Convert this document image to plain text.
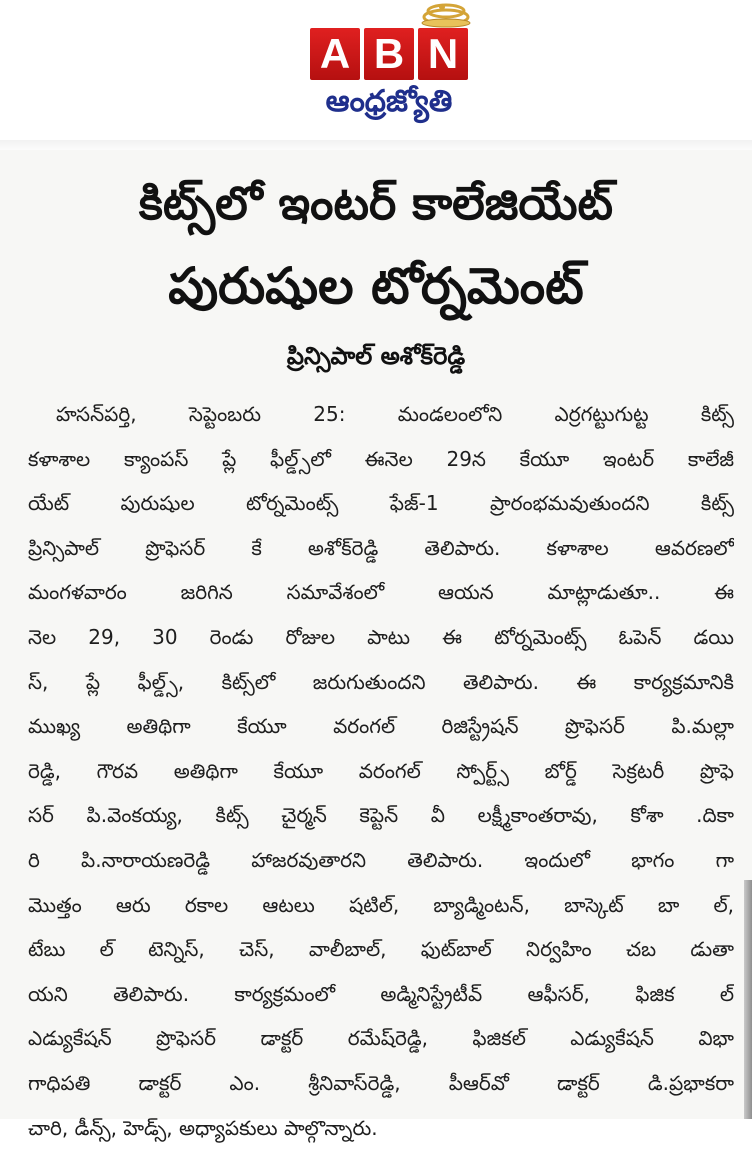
A B N
ఆంధ్రజ్యోతి
కిట్స్‌లో ఇంటర్ కాలేజియేట్
పురుషుల టోర్నమెంట్
ప్రిన్సిపాల్ అశోక్‌రెడ్డి
హసన్‌పర్తి, సెప్టెంబరు 25: మండలంలోని ఎర్రగట్టుగుట్ట కిట్స్
కళాశాల క్యాంపస్ ప్లే ఫీల్డ్స్‌లో ఈనెల 29న కేయూ ఇంటర్ కాలేజీ
యేట్ పురుషుల టోర్నమెంట్స్ ఫేజ్-1 ప్రారంభమవుతుందని కిట్స్
ప్రిన్సిపాల్ ప్రొఫెసర్ కే అశోక్‌రెడ్డి తెలిపారు. కళాశాల ఆవరణలో
మంగళవారం జరిగిన సమావేశంలో ఆయన మాట్లాడుతూ.. ఈ
నెల 29, 30 రెండు రోజుల పాటు ఈ టోర్నమెంట్స్ ఓపెన్ డయి
స్, ప్లే ఫీల్డ్స్, కిట్స్‌లో జరుగుతుందని తెలిపారు. ఈ కార్యక్రమానికి
ముఖ్య అతిథిగా కేయూ వరంగల్ రిజిస్ట్రేషన్ ప్రొఫెసర్ పి.మల్లా
రెడ్డి, గౌరవ అతిథిగా కేయూ వరంగల్ స్పోర్ట్స్ బోర్డ్ సెక్రటరీ ప్రొఫె
సర్ పి.వెంకయ్య, కిట్స్ చైర్మన్ కెప్టెన్ వీ లక్ష్మీకాంతరావు, కోశా .దికా
రి పి.నారాయణరెడ్డి హాజరవుతారని తెలిపారు. ఇందులో భాగం గా
మొత్తం ఆరు రకాల ఆటలు షటిల్, బ్యాడ్మింటన్, బాస్కెట్ బా ల్,
టేబు ల్ టెన్నిస్, చెస్, వాలీబాల్, ఫుట్‌బాల్ నిర్వహిం చబ డుతా
యని తెలిపారు. కార్యక్రమంలో అడ్మినిస్ట్రేటీవ్ ఆఫీసర్, ఫిజిక ల్
ఎడ్యుకేషన్ ప్రొఫెసర్ డాక్టర్ రమేష్‌రెడ్డి, ఫిజికల్ ఎడ్యుకేషన్ విభా
గాధిపతి డాక్టర్ ఎం. శ్రీనివాస్‌రెడ్డి, పీఆర్‌వో డాక్టర్ డి.ప్రభాకరా
చారి, డీన్స్, హెడ్స్, అధ్యాపకులు పాల్గొన్నారు.
